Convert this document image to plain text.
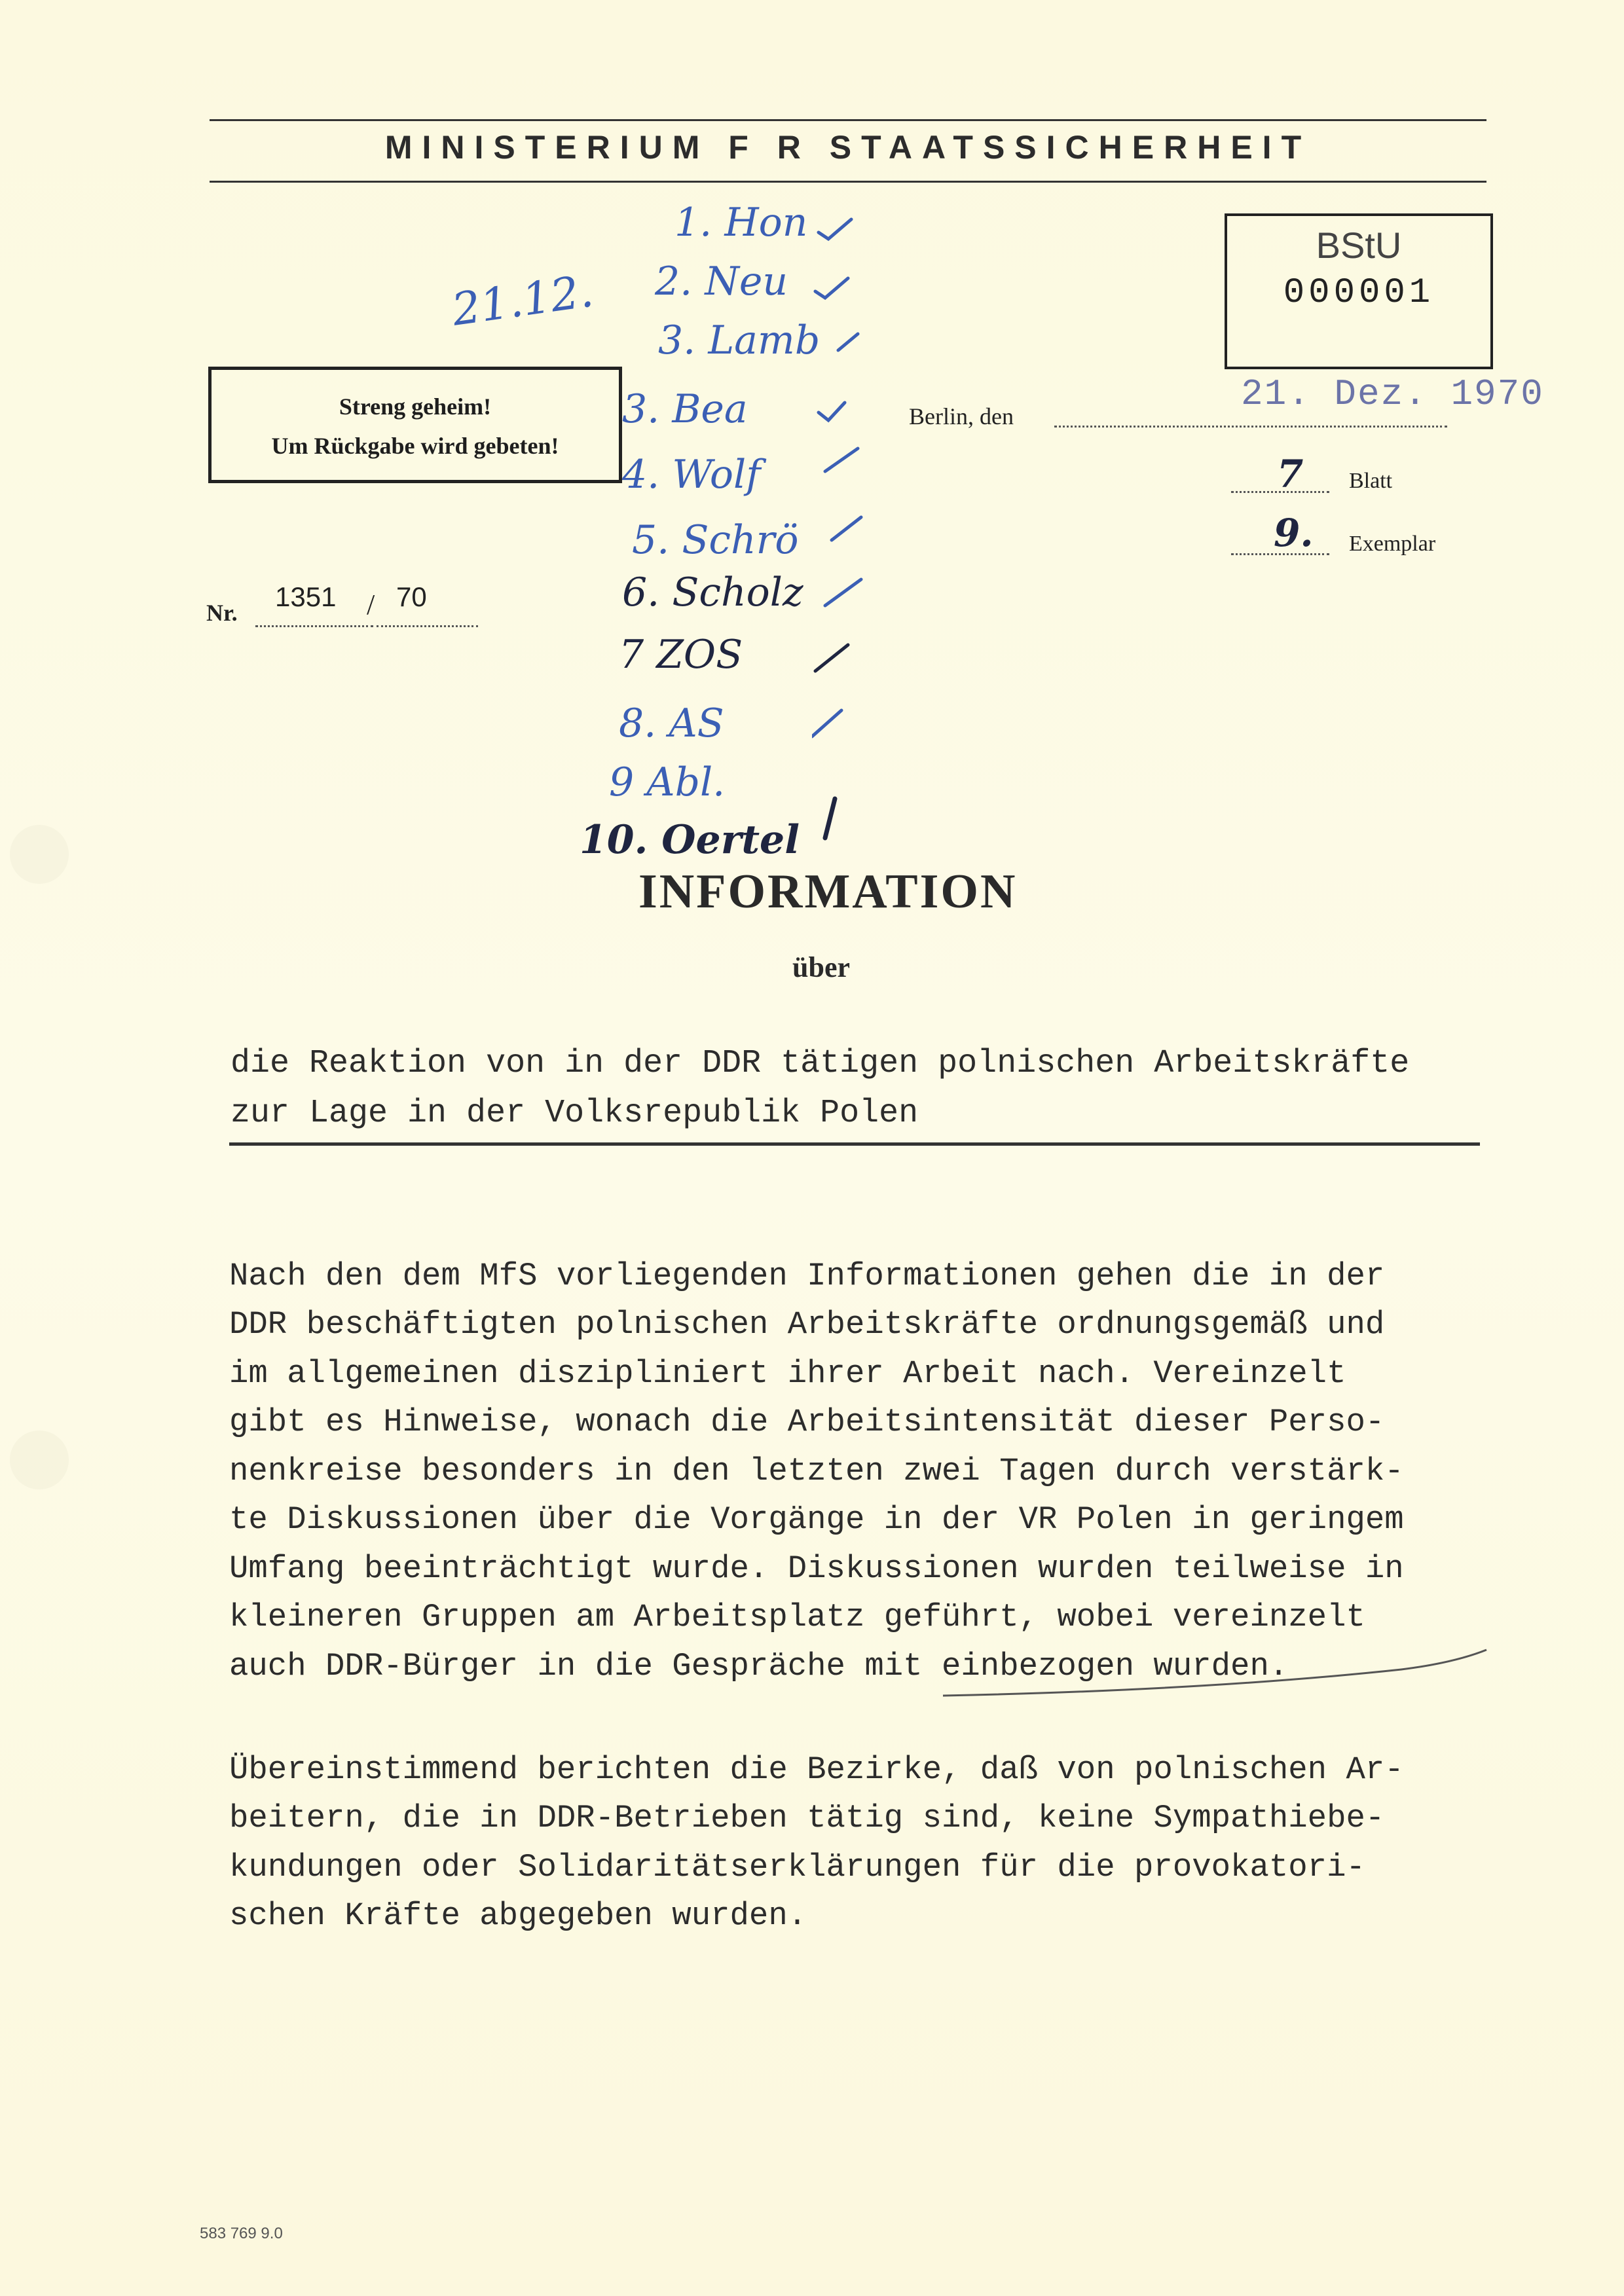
MINISTERIUM F R STAATSSICHERHEIT
BStU
000001
Streng geheim!
Um Rückgabe wird gebeten!
21.12.
1. Hon
2. Neu
3. Lamb
3. Bea
4. Wolf
5. Schrö
6. Scholz
7 ZOS
8. AS
9 Abl.
10. Oertel
Berlin, den
21. Dez. 1970
7 Blatt
9. Exemplar
Nr.
1351 / 70
INFORMATION
über
die Reaktion von in der DDR tätigen polnischen Arbeitskräfte
zur Lage in der Volksrepublik Polen
Nach den dem MfS vorliegenden Informationen gehen die in der
DDR beschäftigten polnischen Arbeitskräfte ordnungsgemäß und
im allgemeinen diszipliniert ihrer Arbeit nach. Vereinzelt
gibt es Hinweise, wonach die Arbeitsintensität dieser Perso-
nenkreise besonders in den letzten zwei Tagen durch verstärk-
te Diskussionen über die Vorgänge in der VR Polen in geringem
Umfang beeinträchtigt wurde. Diskussionen wurden teilweise in
kleineren Gruppen am Arbeitsplatz geführt, wobei vereinzelt
auch DDR-Bürger in die Gespräche mit einbezogen wurden.
Übereinstimmend berichten die Bezirke, daß von polnischen Ar-
beitern, die in DDR-Betrieben tätig sind, keine Sympathiebe-
kundungen oder Solidaritätserklärungen für die provokatori-
schen Kräfte abgegeben wurden.
583 769 9.0
